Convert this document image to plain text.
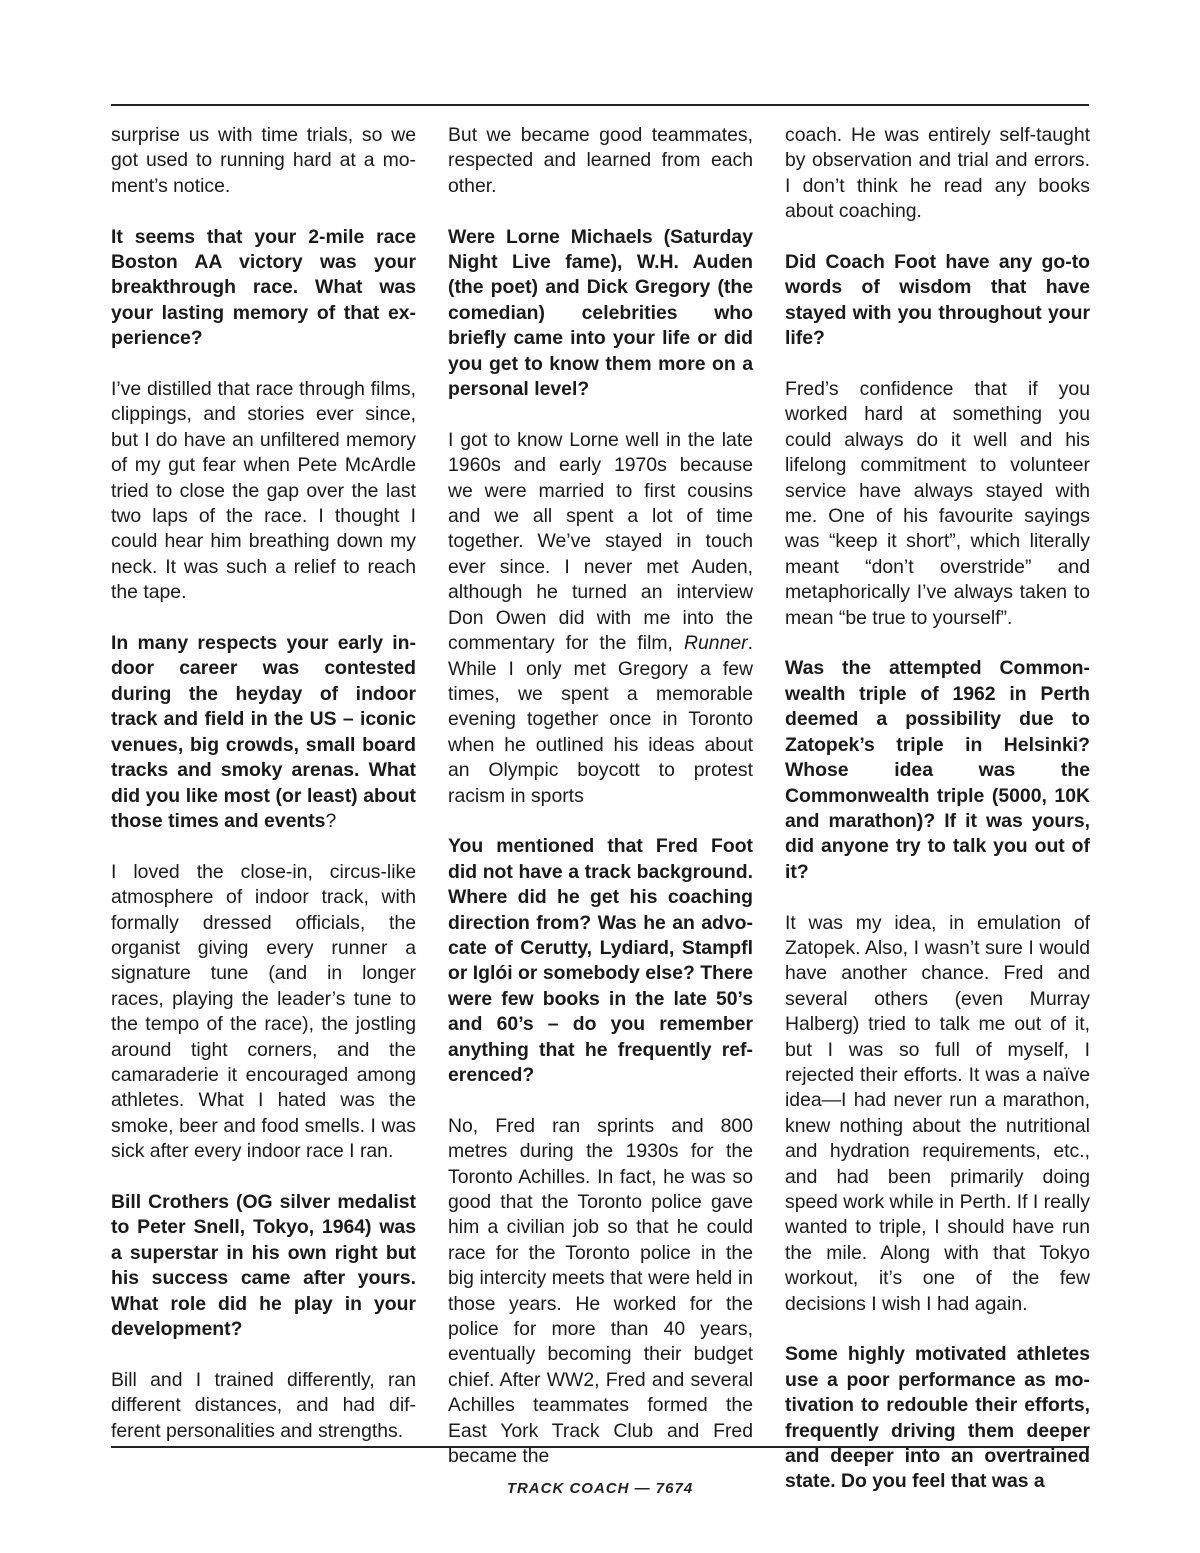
surprise us with time trials, so we got used to running hard at a moment’s notice.

It seems that your 2-mile race Boston AA victory was your breakthrough race. What was your lasting memory of that experience?

I’ve distilled that race through films, clippings, and stories ever since, but I do have an unfiltered memory of my gut fear when Pete McArdle tried to close the gap over the last two laps of the race. I thought I could hear him breathing down my neck. It was such a relief to reach the tape.

In many respects your early indoor career was contested during the heyday of indoor track and field in the US – iconic venues, big crowds, small board tracks and smoky arenas. What did you like most (or least) about those times and events?

I loved the close-in, circus-like atmosphere of indoor track, with formally dressed officials, the organist giving every runner a signature tune (and in longer races, playing the leader’s tune to the tempo of the race), the jostling around tight corners, and the camaraderie it encouraged among athletes. What I hated was the smoke, beer and food smells. I was sick after every indoor race I ran.

Bill Crothers (OG silver medalist to Peter Snell, Tokyo, 1964) was a superstar in his own right but his success came after yours. What role did he play in your development?

Bill and I trained differently, ran different distances, and had different personalities and strengths.

But we became good teammates, respected and learned from each other.

Were Lorne Michaels (Saturday Night Live fame), W.H. Auden (the poet) and Dick Gregory (the comedian) celebrities who briefly came into your life or did you get to know them more on a personal level?

I got to know Lorne well in the late 1960s and early 1970s because we were married to first cousins and we all spent a lot of time together. We’ve stayed in touch ever since. I never met Auden, although he turned an interview Don Owen did with me into the commentary for the film, Runner. While I only met Gregory a few times, we spent a memorable evening together once in Toronto when he outlined his ideas about an Olympic boycott to protest racism in sports

You mentioned that Fred Foot did not have a track background. Where did he get his coaching direction from? Was he an advocate of Cerutty, Lydiard, Stampfl or Iglói or somebody else? There were few books in the late 50’s and 60’s – do you remember anything that he frequently referenced?

No, Fred ran sprints and 800 metres during the 1930s for the Toronto Achilles. In fact, he was so good that the Toronto police gave him a civilian job so that he could race for the Toronto police in the big intercity meets that were held in those years. He worked for the police for more than 40 years, eventually becoming their budget chief. After WW2, Fred and several Achilles teammates formed the East York Track Club and Fred became the

coach. He was entirely self-taught by observation and trial and errors. I don’t think he read any books about coaching.

Did Coach Foot have any go-to words of wisdom that have stayed with you throughout your life?

Fred’s confidence that if you worked hard at something you could always do it well and his lifelong commitment to volunteer service have always stayed with me. One of his favourite sayings was “keep it short”, which literally meant “don’t overstride” and metaphorically I’ve always taken to mean “be true to yourself”.

Was the attempted Commonwealth triple of 1962 in Perth deemed a possibility due to Zatopek’s triple in Helsinki? Whose idea was the Commonwealth triple (5000, 10K and marathon)? If it was yours, did anyone try to talk you out of it?

It was my idea, in emulation of Zatopek. Also, I wasn’t sure I would have another chance. Fred and several others (even Murray Halberg) tried to talk me out of it, but I was so full of myself, I rejected their efforts. It was a naïve idea—I had never run a marathon, knew nothing about the nutritional and hydration requirements, etc., and had been primarily doing speed work while in Perth. If I really wanted to triple, I should have run the mile. Along with that Tokyo workout, it’s one of the few decisions I wish I had again.

Some highly motivated athletes use a poor performance as motivation to redouble their efforts, frequently driving them deeper and deeper into an overtrained state. Do you feel that was a

TRACK COACH — 7674
